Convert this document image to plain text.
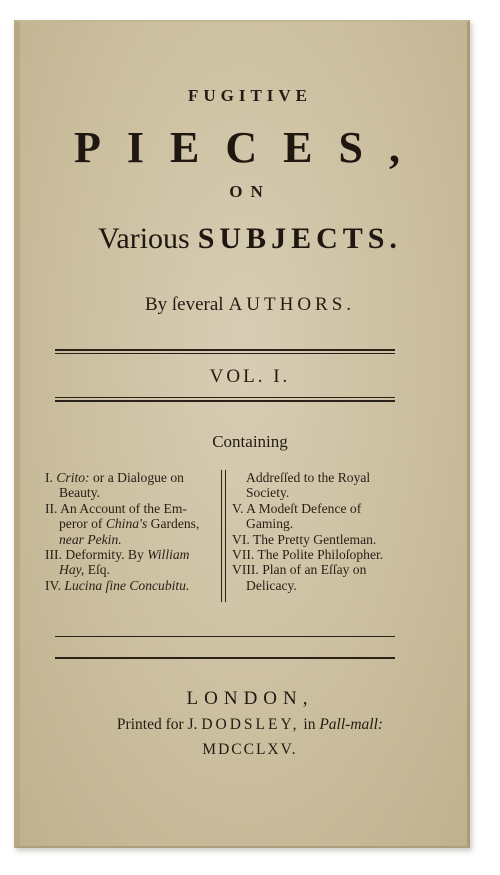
FUGITIVE
PIECES,
ON
Various SUBJECTS.
By ſeveral AUTHORS.
VOL. I.
Containing

I. Crito: or a Dialogue on

Beauty.

II. An Account of the Em-

peror of China's Gardens,

near Pekin.

III. Deformity. By William

Hay, Eſq.

IV. Lucina ſine Concubitu.

Addreſſed to the Royal

Society.

V. A Modeſt Defence of

Gaming.

VI. The Pretty Gentleman.

VII. The Polite Philoſopher.

VIII. Plan of an Eſſay on

Delicacy.

LONDON,
Printed for J. DODSLEY, in Pall-mall:
MDCCLXV.
